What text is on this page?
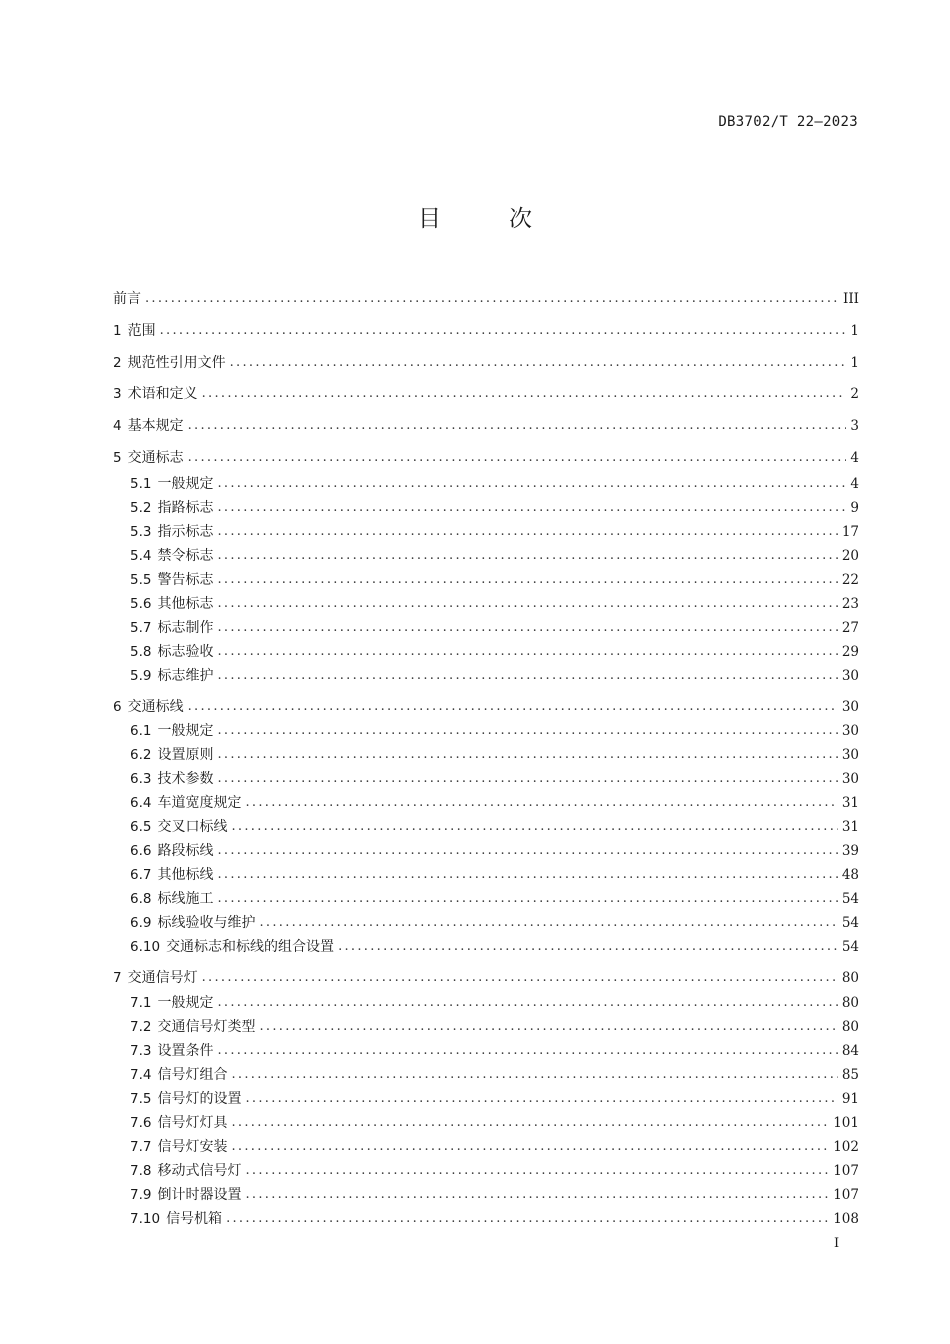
DB3702/T 22—2023
目	次
前言 .....	III
1 范围 .....	1
2 规范性引用文件 .....	1
3 术语和定义 .....	2
4 基本规定 .....	3
5 交通标志 .....	4
5.1 一般规定 .....	4
5.2 指路标志 .....	9
5.3 指示标志 .....	17
5.4 禁令标志 .....	20
5.5 警告标志 .....	22
5.6 其他标志 .....	23
5.7 标志制作 .....	27
5.8 标志验收 .....	29
5.9 标志维护 .....	30
6 交通标线 .....	30
6.1 一般规定 .....	30
6.2 设置原则 .....	30
6.3 技术参数 .....	30
6.4 车道宽度规定 .....	31
6.5 交叉口标线 .....	31
6.6 路段标线 .....	39
6.7 其他标线 .....	48
6.8 标线施工 .....	54
6.9 标线验收与维护 .....	54
6.10 交通标志和标线的组合设置 .....	54
7 交通信号灯 .....	80
7.1 一般规定 .....	80
7.2 交通信号灯类型 .....	80
7.3 设置条件 .....	84
7.4 信号灯组合 .....	85
7.5 信号灯的设置 .....	91
7.6 信号灯灯具 .....	101
7.7 信号灯安装 .....	102
7.8 移动式信号灯 .....	107
7.9 倒计时器设置 .....	107
7.10 信号机箱 .....	108
I
